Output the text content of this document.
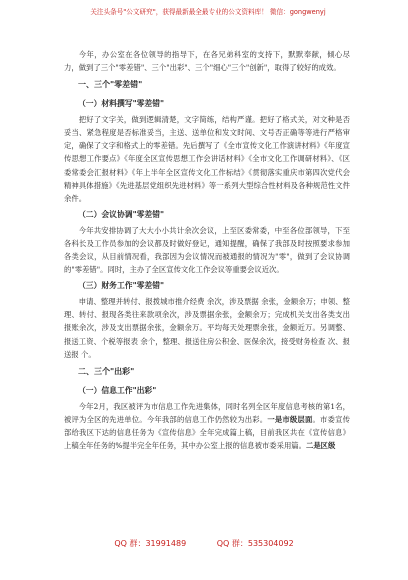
关注头条号"公文研究"，获得最新最全最专业的公文资料库！ 微信：gongwenyj

今年，办公室在各位领导的指导下，在各兄弟科室的支持下，默默奉献，倾心尽力，做到了三个"零差错"、三个"出彩"、三个"细心"三个"创新"，取得了较好的成效。

一、三个"零差错"
（一）材料撰写"零差错"

把好了文字关，做到逻辑清楚，文字简练，结构严谨。把好了格式关，对文种是否妥当、紧急程度是否标准妥当，主送、送单位和发文时间、文号否正确等等进行严格审定，确保了文字和格式上的零差错。先后撰写了《全市宣传文化工作演讲材料》《年度宣传思想工作要点》《年度全区宣传思想工作会讲话材料》《全市文化工作调研材料》、《区委常委会汇报材料》《年上半年全区宣传文化工作标结》《贯彻落实重庆市第四次党代会精神具体措施》《先进基层党组织先进材料》等一系列大型综合性材料及各种规范性文件余件。

（二）会议协调"零差错"

今年共安排协调了大大小小共计余次会议，上至区委常委，中至各位部领导，下至各科长及工作员参加的会议都及时做好登记，通知提醒，确保了我部及时按照要求参加各类会议，从目前情况看，我部因为会议情况而被通报的情况为"零"，做到了会议协调的"零差错"。同时，主办了全区宣传文化工作会议等重要会议近次。

（三）财务工作"零差错"

申请、整理并转付、报拨城市推介经费 余次，涉及票据 余张，金额余万；申领、整理、转付、报现各类往来款项余次，涉及票据余张，金额余万；完成机关支出各类支出报账余次，涉及支出票据余张，金额余万。平均每天处理票余张，金额近万。另调整、报送工资、个税等报表 余个，整理、报送住房公积金、医保余次，接受财务检查 次、报送报 个。

二、三个"出彩"
（一）信息工作"出彩"

今年2月，我区被评为市信息工作先进集体，同时名列全区年度信息考核的第1名，被评为全区的先进单位。今年我部的信息工作仍然较为出彩。一是市级层面。市委宣传部给我区下达的信息任务为《宣传信息》全年完成篇上稿，目前我区共在《宣传信息》上稿全年任务的%提半完全年任务，其中办公室上报的信息被市委采用篇。二是区级

QQ 群：31991489	QQ 群：535304092
